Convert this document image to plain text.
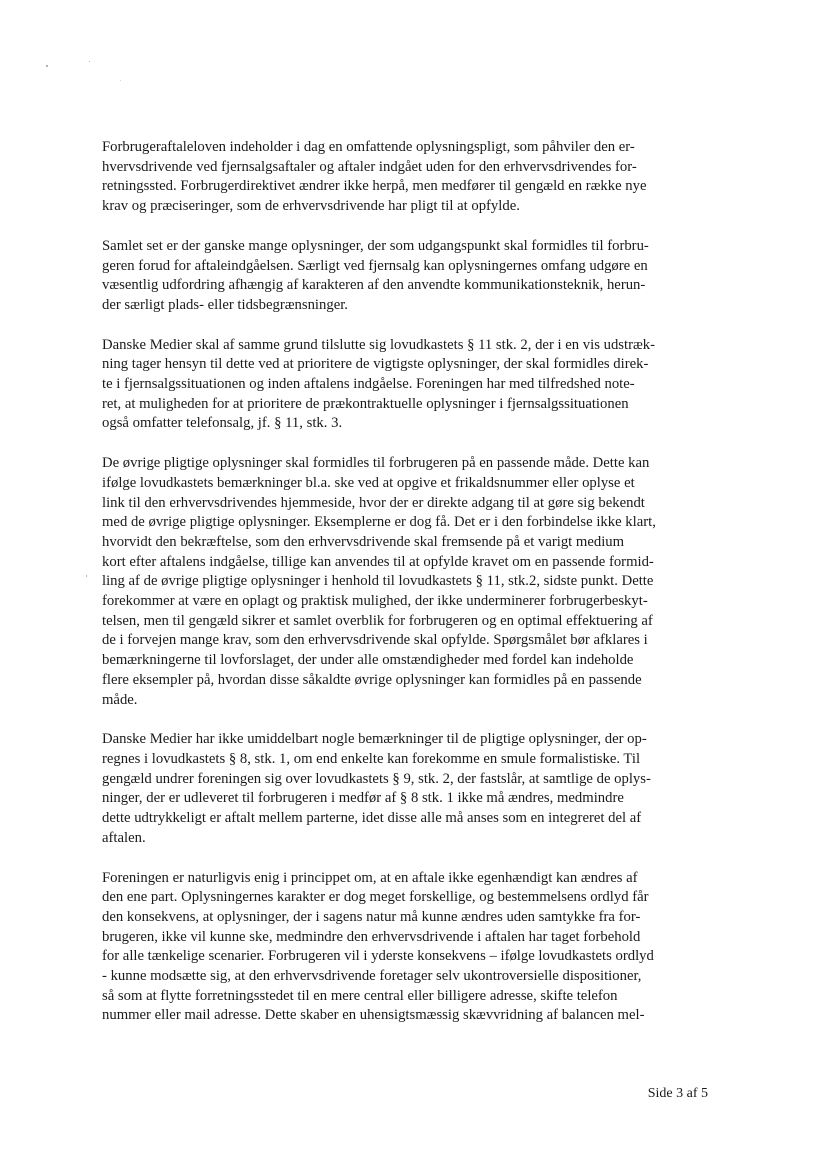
Forbrugeraftaleloven indeholder i dag en omfattende oplysningspligt, som påhviler den er-
hvervsdrivende ved fjernsalgsaftaler og aftaler indgået uden for den erhvervsdrivendes for-
retningssted. Forbrugerdirektivet ændrer ikke herpå, men medfører til gengæld en række nye
krav og præciseringer, som de erhvervsdrivende har pligt til at opfylde.

Samlet set er der ganske mange oplysninger, der som udgangspunkt skal formidles til forbru-
geren forud for aftaleindgåelsen. Særligt ved fjernsalg kan oplysningernes omfang udgøre en
væsentlig udfordring afhængig af karakteren af den anvendte kommunikationsteknik, herun-
der særligt plads- eller tidsbegrænsninger.

Danske Medier skal af samme grund tilslutte sig lovudkastets § 11 stk. 2, der i en vis udstræk-
ning tager hensyn til dette ved at prioritere de vigtigste oplysninger, der skal formidles direk-
te i fjernsalgssituationen og inden aftalens indgåelse. Foreningen har med tilfredshed note-
ret, at muligheden for at prioritere de prækontraktuelle oplysninger i fjernsalgssituationen
også omfatter telefonsalg, jf. § 11, stk. 3.

De øvrige pligtige oplysninger skal formidles til forbrugeren på en passende måde. Dette kan
ifølge lovudkastets bemærkninger bl.a. ske ved at opgive et frikaldsnummer eller oplyse et
link til den erhvervsdrivendes hjemmeside, hvor der er direkte adgang til at gøre sig bekendt
med de øvrige pligtige oplysninger. Eksemplerne er dog få. Det er i den forbindelse ikke klart,
hvorvidt den bekræftelse, som den erhvervsdrivende skal fremsende på et varigt medium
kort efter aftalens indgåelse, tillige kan anvendes til at opfylde kravet om en passende formid-
ling af de øvrige pligtige oplysninger i henhold til lovudkastets § 11, stk.2, sidste punkt. Dette
forekommer at være en oplagt og praktisk mulighed, der ikke underminerer forbrugerbeskyt-
telsen, men til gengæld sikrer et samlet overblik for forbrugeren og en optimal effektuering af
de i forvejen mange krav, som den erhvervsdrivende skal opfylde. Spørgsmålet bør afklares i
bemærkningerne til lovforslaget, der under alle omstændigheder med fordel kan indeholde
flere eksempler på, hvordan disse såkaldte øvrige oplysninger kan formidles på en passende
måde.

Danske Medier har ikke umiddelbart nogle bemærkninger til de pligtige oplysninger, der op-
regnes i lovudkastets § 8, stk. 1, om end enkelte kan forekomme en smule formalistiske. Til
gengæld undrer foreningen sig over lovudkastets § 9, stk. 2, der fastslår, at samtlige de oplys-
ninger, der er udleveret til forbrugeren i medfør af § 8 stk. 1 ikke må ændres, medmindre
dette udtrykkeligt er aftalt mellem parterne, idet disse alle må anses som en integreret del af
aftalen.

Foreningen er naturligvis enig i princippet om, at en aftale ikke egenhændigt kan ændres af
den ene part. Oplysningernes karakter er dog meget forskellige, og bestemmelsens ordlyd får
den konsekvens, at oplysninger, der i sagens natur må kunne ændres uden samtykke fra for-
brugeren, ikke vil kunne ske, medmindre den erhvervsdrivende i aftalen har taget forbehold
for alle tænkelige scenarier. Forbrugeren vil i yderste konsekvens – ifølge lovudkastets ordlyd
- kunne modsætte sig, at den erhvervsdrivende foretager selv ukontroversielle dispositioner,
så som at flytte forretningsstedet til en mere central eller billigere adresse, skifte telefon
nummer eller mail adresse. Dette skaber en uhensigtsmæssig skævvridning af balancen mel-

Side 3 af 5
